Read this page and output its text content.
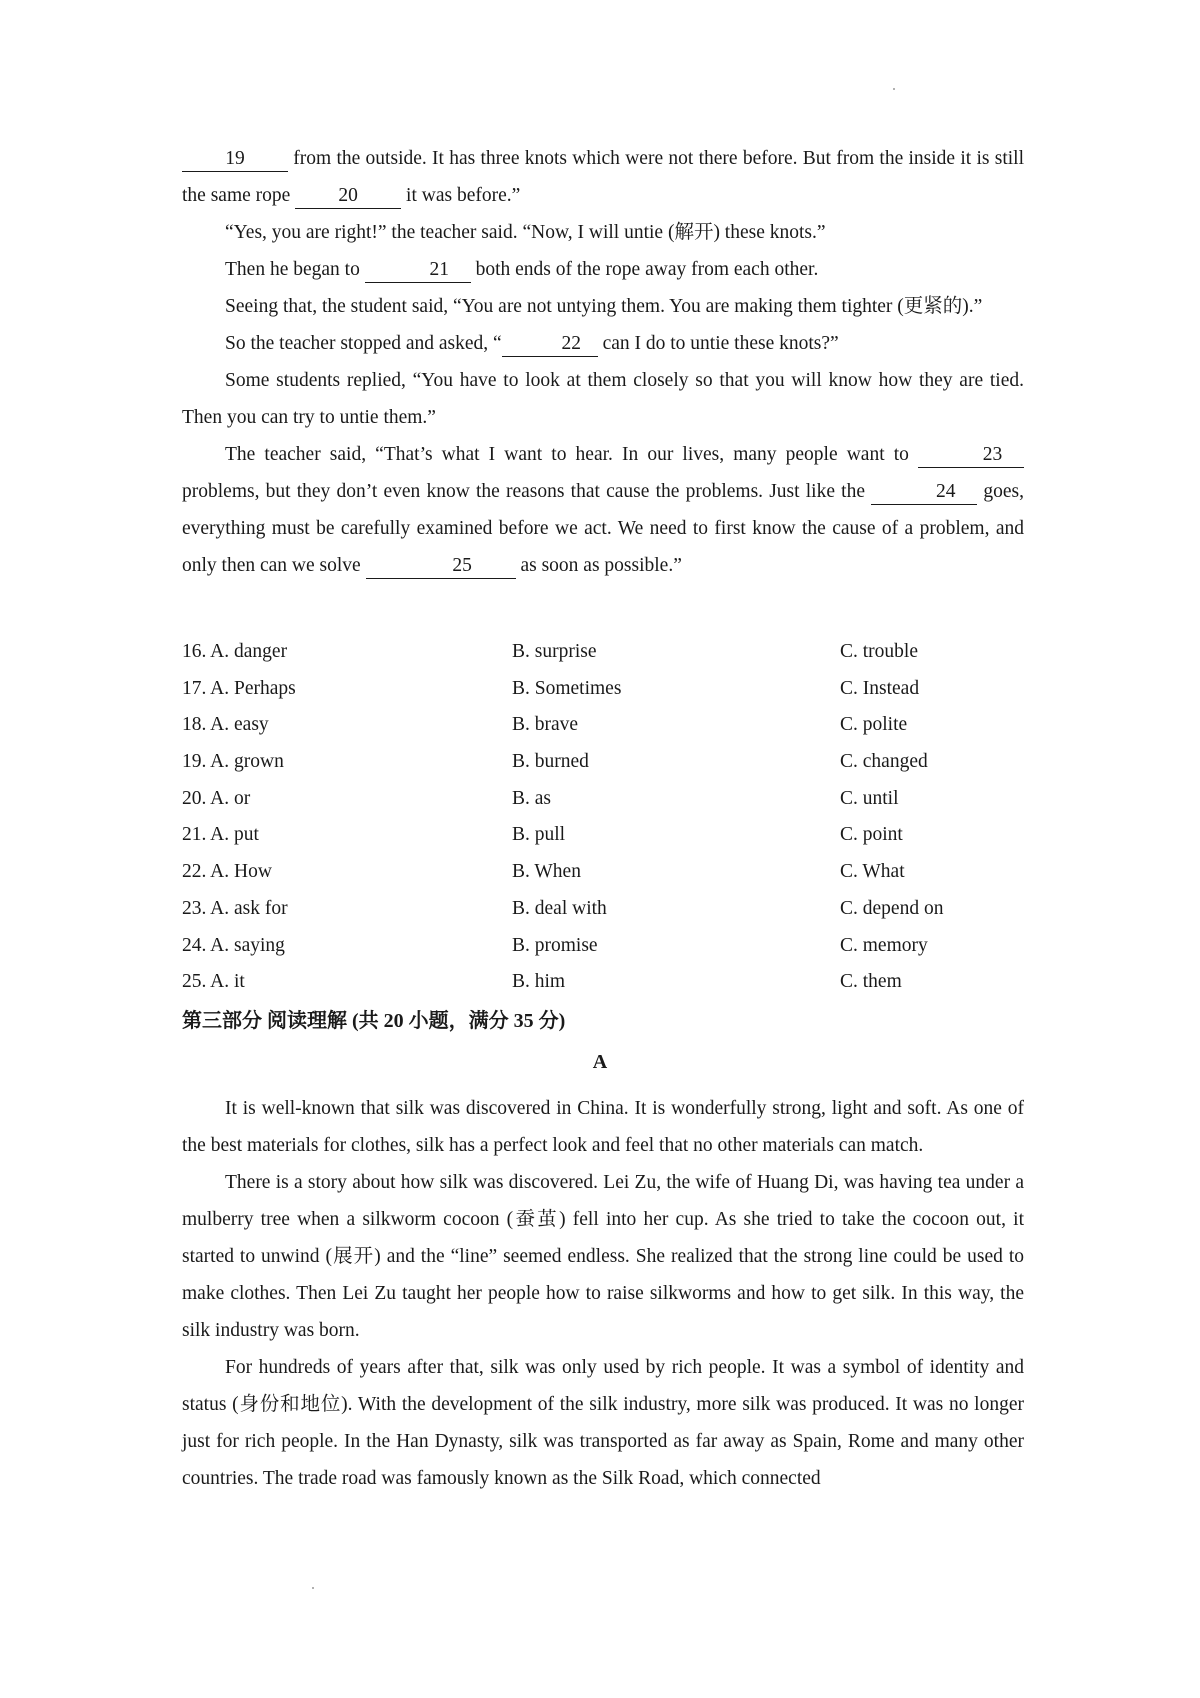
19 from the outside. It has three knots which were not there before. But from the inside it is still the same rope 20 it was before.”

“Yes, you are right!” the teacher said. “Now, I will untie (解开) these knots.”

Then he began to	21 both ends of the rope away from each other.

Seeing that, the student said, “You are not untying them. You are making them tighter (更紧的).”

So the teacher stopped and asked, “	22 can I do to untie these knots?”

Some students replied, “You have to look at them closely so that you will know how they are tied. Then you can try to untie them.”

The teacher said, “That’s what I want to hear. In our lives, many people want to	23 problems, but they don’t even know the reasons that cause the problems. Just like the	24 goes, everything must be carefully examined before we act. We need to first know the cause of a problem, and only then can we solve	25 as soon as possible.”

16. A. danger	B. surprise	C. trouble
17. A. Perhaps	B. Sometimes	C. Instead
18. A. easy	B. brave	C. polite
19. A. grown	B. burned	C. changed
20. A. or	B. as	C. until
21. A. put	B. pull	C. point
22. A. How	B. When	C. What
23. A. ask for	B. deal with	C. depend on
24. A. saying	B. promise	C. memory
25. A. it	B. him	C. them
第三部分 阅读理解 (共 20 小题，满分 35 分)
A

It is well-known that silk was discovered in China. It is wonderfully strong, light and soft. As one of the best materials for clothes, silk has a perfect look and feel that no other materials can match.

There is a story about how silk was discovered. Lei Zu, the wife of Huang Di, was having tea under a mulberry tree when a silkworm cocoon (蚕茧) fell into her cup. As she tried to take the cocoon out, it started to unwind (展开) and the “line” seemed endless. She realized that the strong line could be used to make clothes. Then Lei Zu taught her people how to raise silkworms and how to get silk. In this way, the silk industry was born.

For hundreds of years after that, silk was only used by rich people. It was a symbol of identity and status (身份和地位). With the development of the silk industry, more silk was produced. It was no longer just for rich people. In the Han Dynasty, silk was transported as far away as Spain, Rome and many other countries. The trade road was famously known as the Silk Road, which connected
